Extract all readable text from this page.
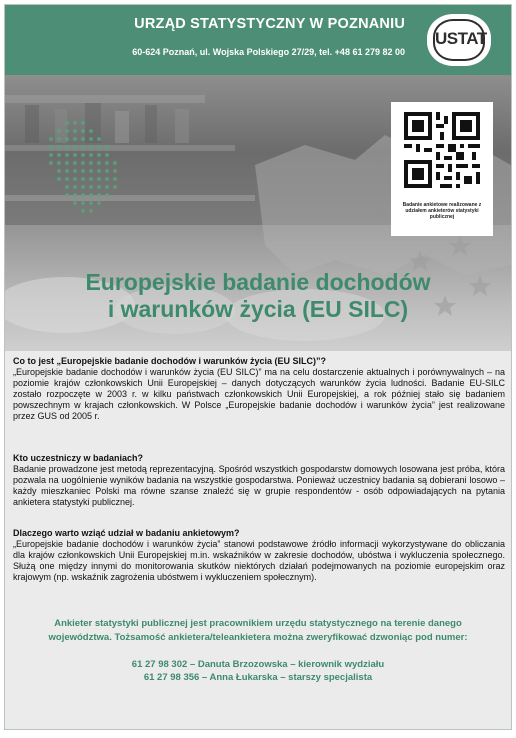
URZĄD STATYSTYCZNY W POZNANIU
60-624 Poznań, ul. Wojska Polskiego 27/29, tel. +48 61 279 82 00
USTAT
Badanie ankietowe realizowane z udziałem ankieterów statystyki publicznej
Europejskie badanie dochodów
i warunków życia (EU SILC)

Co to jest „Europejskie badanie dochodów i warunków życia (EU SILC)”?

„Europejskie badanie dochodów i warunków życia (EU SILC)” ma na celu dostarczenie aktualnych i porównywalnych – na poziomie krajów członkowskich Unii Europejskiej – danych dotyczących warunków życia ludności. Badanie EU-SILC zostało rozpoczęte w 2003 r. w kilku państwach członkowskich Unii Europejskiej, a rok później stało się badaniem powszechnym w krajach członkowskich. W Polsce „Europejskie badanie dochodów i warunków życia” jest realizowane przez GUS od 2005 r.

Kto uczestniczy w badaniach?

Badanie prowadzone jest metodą reprezentacyjną. Spośród wszystkich gospodarstw domowych losowana jest próba, która pozwala na uogólnienie wyników badania na wszystkie gospodarstwa. Ponieważ uczestnicy badania są dobierani losowo – każdy mieszkaniec Polski ma równe szanse znaleźć się w grupie respondentów - osób odpowiadających na pytania ankietera statystyki publicznej.

Dlaczego warto wziąć udział w badaniu ankietowym?

„Europejskie badanie dochodów i warunków życia” stanowi podstawowe źródło informacji wykorzystywane do obliczania dla krajów członkowskich Unii Europejskiej m.in. wskaźników w zakresie dochodów, ubóstwa i wykluczenia społecznego. Służą one między innymi do monitorowania skutków niektórych działań podejmowanych na poziomie europejskim oraz krajowym (np. wskaźnik zagrożenia ubóstwem i wykluczeniem społecznym).

Ankieter statystyki publicznej jest pracownikiem urzędu statystycznego na terenie danego
województwa. Tożsamość ankietera/teleankietera można zweryfikować dzwoniąc pod numer:
61 27 98 302 – Danuta Brzozowska – kierownik wydziału
61 27 98 356 – Anna Łukarska – starszy specjalista
